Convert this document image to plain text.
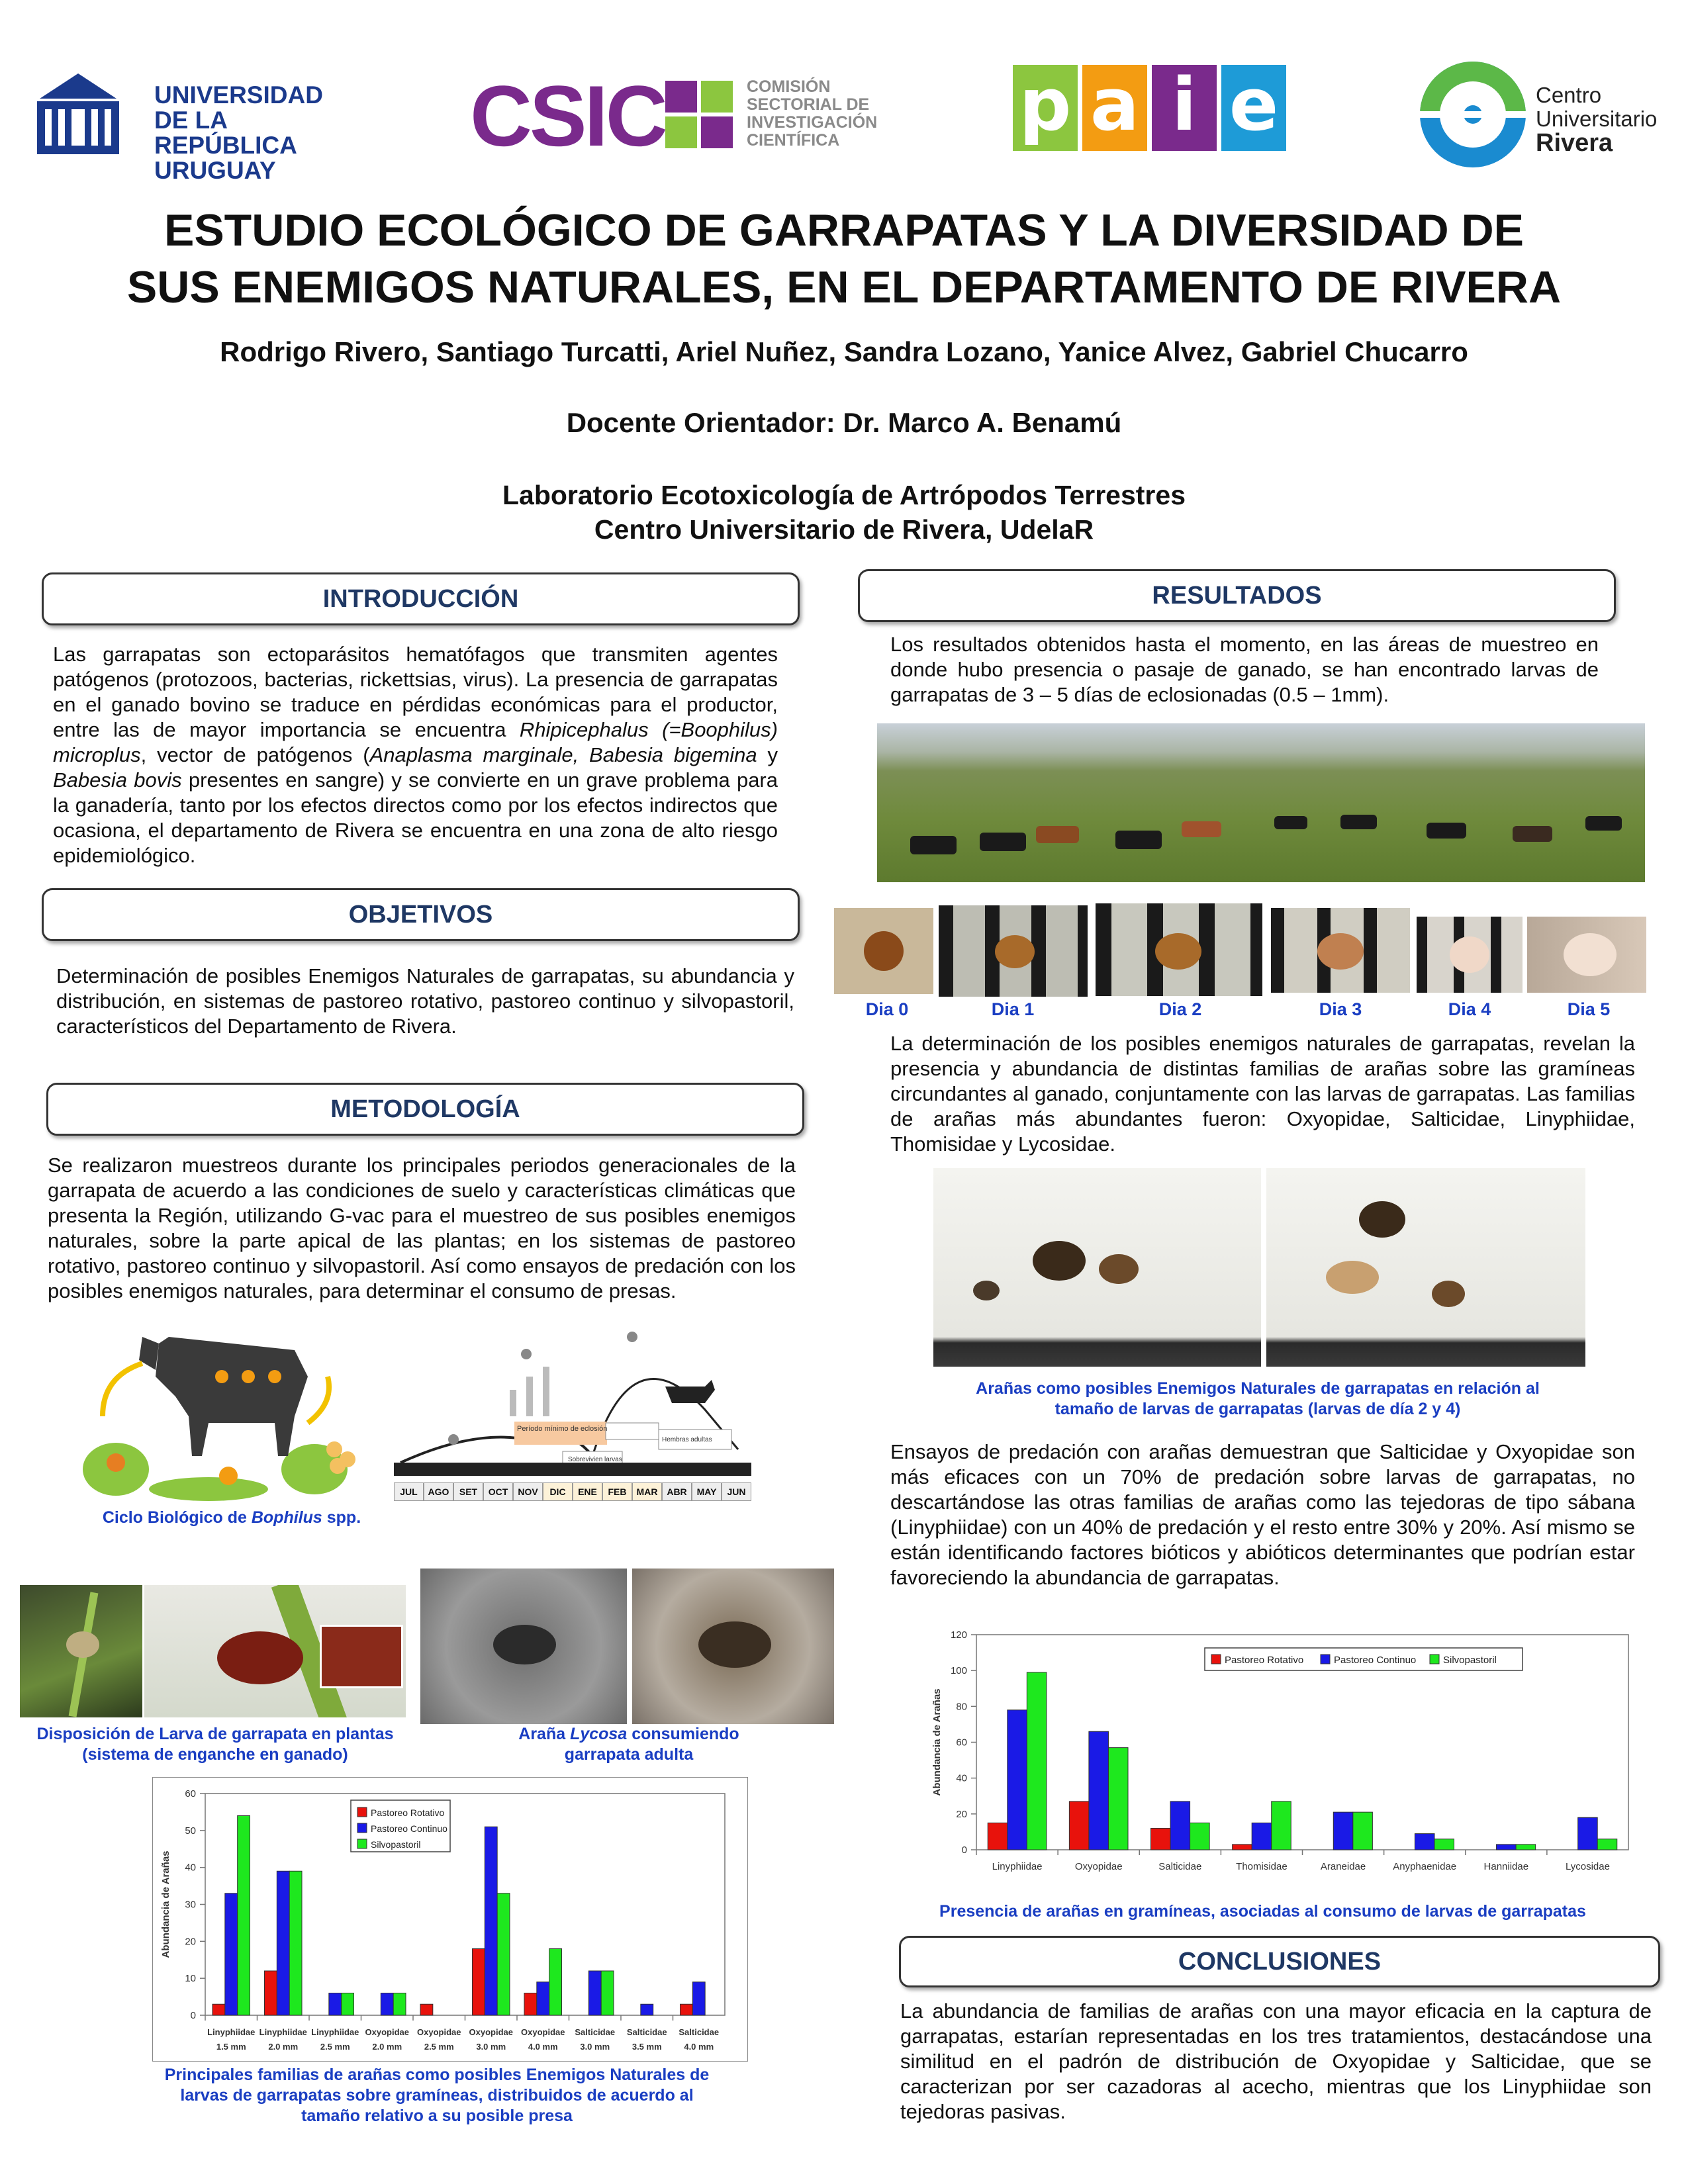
UNIVERSIDAD
DE LA REPÚBLICA
URUGUAY
CSIC	COMISIÓN
SECTORIAL DE
INVESTIGACIÓN
CIENTÍFICA	p a i e	Centro
Universitario
Rivera
ESTUDIO ECOLÓGICO DE GARRAPATAS Y LA DIVERSIDAD DE
SUS ENEMIGOS NATURALES, EN EL DEPARTAMENTO DE RIVERA
Rodrigo Rivero, Santiago Turcatti, Ariel Nuñez, Sandra Lozano, Yanice Alvez, Gabriel Chucarro
Docente Orientador: Dr. Marco A. Benamú
Laboratorio Ecotoxicología de Artrópodos Terrestres
Centro Universitario de Rivera, UdelaR
INTRODUCCIÓN
Las garrapatas son ectoparásitos hematófagos que transmiten agentes patógenos (protozoos, bacterias, rickettsias, virus). La presencia de garrapatas en el ganado bovino se traduce en pérdidas económicas para el productor, entre las de mayor importancia se encuentra Rhipicephalus (=Boophilus) microplus, vector de patógenos (Anaplasma marginale, Babesia bigemina y Babesia bovis presentes en sangre) y se convierte en un grave problema para la ganadería, tanto por los efectos directos como por los efectos indirectos que ocasiona, el departamento de Rivera se encuentra en una zona de alto riesgo epidemiológico.
OBJETIVOS
Determinación de posibles Enemigos Naturales de garrapatas, su abundancia y distribución, en sistemas de pastoreo rotativo, pastoreo continuo y silvopastoril, característicos del Departamento de Rivera.
METODOLOGÍA
Se realizaron muestreos durante los principales periodos generacionales de la garrapata de acuerdo a las condiciones de suelo y características climáticas que presenta la Región, utilizando G-vac para el muestreo de sus posibles enemigos naturales, sobre la parte apical de las plantas; en los sistemas de pastoreo rotativo, pastoreo continuo y silvopastoril. Así como ensayos de predación con los posibles enemigos naturales, para determinar el consumo de presas.
Período mínimo de eclosión
Sobrevivien larvas
Hembras adultas
JUL	AGO	SET	OCT	NOV	DIC	ENE	FEB	MAR ABR	MAY	JUN
Ciclo Biológico de Bophilus spp.
Disposición de Larva de garrapata en plantas
(sistema de enganche en ganado)
Araña Lycosa consumiendo
garrapata adulta
0
10
20
30
40
50
60
Abundancia de Arañas
Linyphiidae
1.5 mm
Linyphiidae
2.0 mm
Linyphiidae
2.5 mm
Oxyopidae
2.0 mm
Oxyopidae
2.5 mm
Oxyopidae
3.0 mm
Oxyopidae
4.0 mm
Salticidae
3.0 mm
Salticidae
3.5 mm
Salticidae
4.0 mm
Pastoreo Rotativo
Pastoreo Continuo
Silvopastoril
Principales familias de arañas como posibles Enemigos Naturales de
larvas de garrapatas sobre gramíneas, distribuidos de acuerdo al
tamaño relativo a su posible presa
RESULTADOS
Los resultados obtenidos hasta el momento, en las áreas de muestreo en donde hubo presencia o pasaje de ganado, se han encontrado larvas de garrapatas de 3 – 5 días de eclosionadas (0.5 – 1mm).
Dia 0	Dia 1	Dia 2	Dia 3	Dia 4	Dia 5
La determinación de los posibles enemigos naturales de garrapatas, revelan la presencia y abundancia de distintas familias de arañas sobre las gramíneas circundantes al ganado, conjuntamente con las larvas de garrapatas. Las familias de arañas más abundantes fueron: Oxyopidae, Salticidae, Linyphiidae, Thomisidae y Lycosidae.
Arañas como posibles Enemigos Naturales de garrapatas en relación al
tamaño de larvas de garrapatas (larvas de día 2 y 4)
Ensayos de predación con arañas demuestran que Salticidae y Oxyopidae son más eficaces con un 70% de predación sobre larvas de garrapatas, no descartándose las otras familias de arañas como las tejedoras de tipo sábana (Linyphiidae) con un 40% de predación y el resto entre 30% y 20%. Así mismo se están identificando factores bióticos y abióticos determinantes que podrían estar favoreciendo la abundancia de garrapatas.
0
20
40
60
80
100
120
Abundancia de Arañas
Linyphiidae	Oxyopidae	Salticidae	Thomisidae	Araneidae	Anyphaenidae	Hanniidae	Lycosidae
Pastoreo Rotativo	Pastoreo Continuo	Silvopastoril
Presencia de arañas en gramíneas, asociadas al consumo de larvas de garrapatas
CONCLUSIONES
La abundancia de familias de arañas con una mayor eficacia en la captura de garrapatas, estarían representadas en los tres tratamientos, destacándose una similitud en el padrón de distribución de Oxyopidae y Salticidae, que se caracterizan por ser cazadoras al acecho, mientras que los Linyphiidae son tejedoras pasivas.
